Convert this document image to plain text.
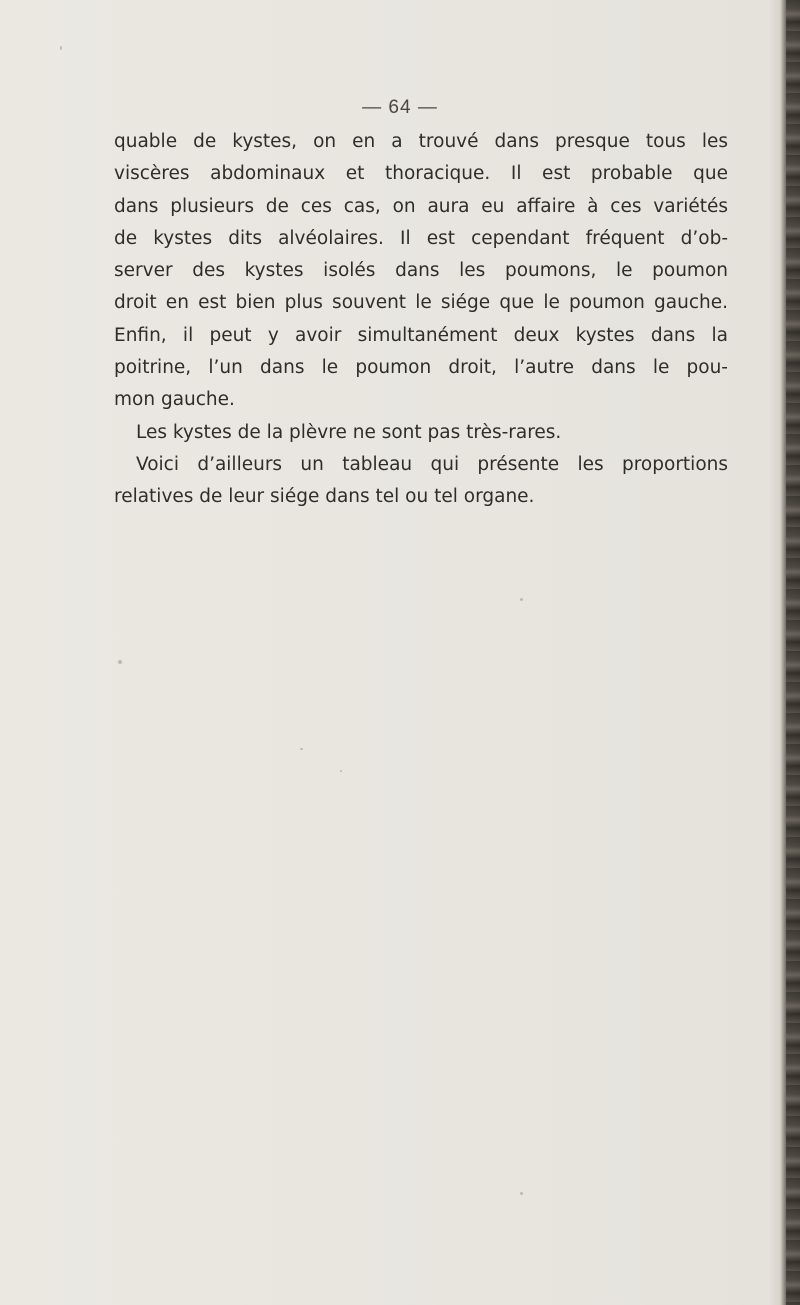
— 64 —
quable de kystes, on en a trouvé dans presque tous les
viscères abdominaux et thoracique. Il est probable que
dans plusieurs de ces cas, on aura eu affaire à ces variétés
de kystes dits alvéolaires. Il est cependant fréquent d’ob-
server des kystes isolés dans les poumons, le poumon
droit en est bien plus souvent le siége que le poumon gauche.
Enfin, il peut y avoir simultanément deux kystes dans la
poitrine, l’un dans le poumon droit, l’autre dans le pou-
mon gauche.
Les kystes de la plèvre ne sont pas très-rares.
Voici d’ailleurs un tableau qui présente les proportions
relatives de leur siége dans tel ou tel organe.
